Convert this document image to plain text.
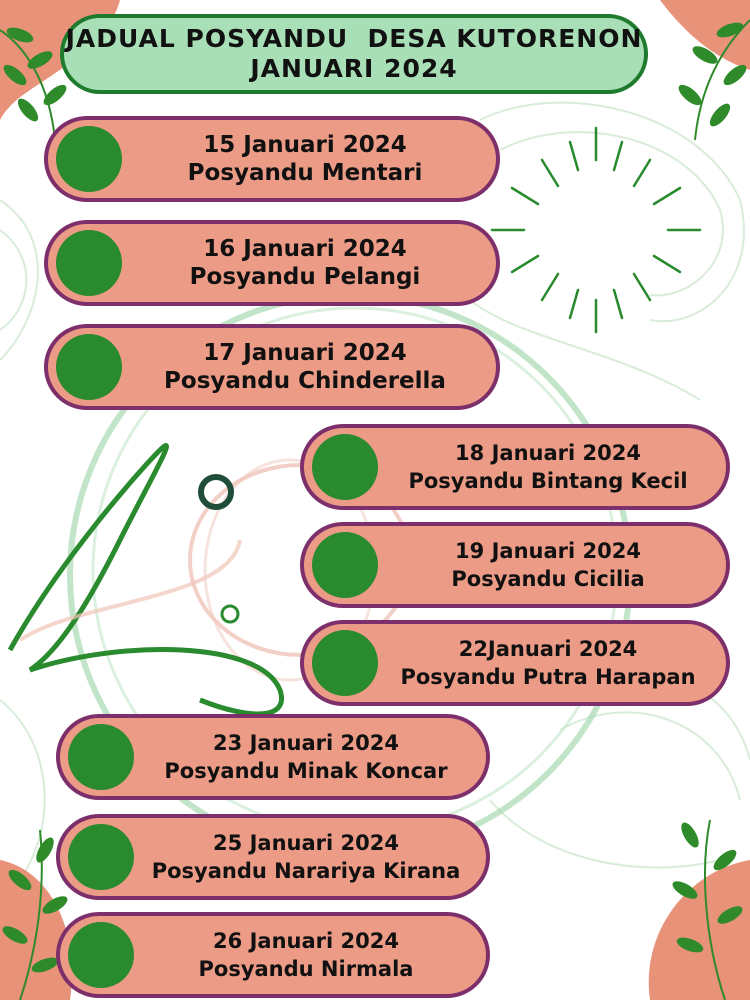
JADUAL POSYANDU  DESA KUTORENON
JANUARI 2024
15 Januari 2024
Posyandu Mentari
16 Januari 2024
Posyandu Pelangi
17 Januari 2024
Posyandu Chinderella
18 Januari 2024
Posyandu Bintang Kecil
19 Januari 2024
Posyandu Cicilia
22Januari 2024
Posyandu Putra Harapan
23 Januari 2024
Posyandu Minak Koncar
25 Januari 2024
Posyandu Narariya Kirana
26 Januari 2024
Posyandu Nirmala
